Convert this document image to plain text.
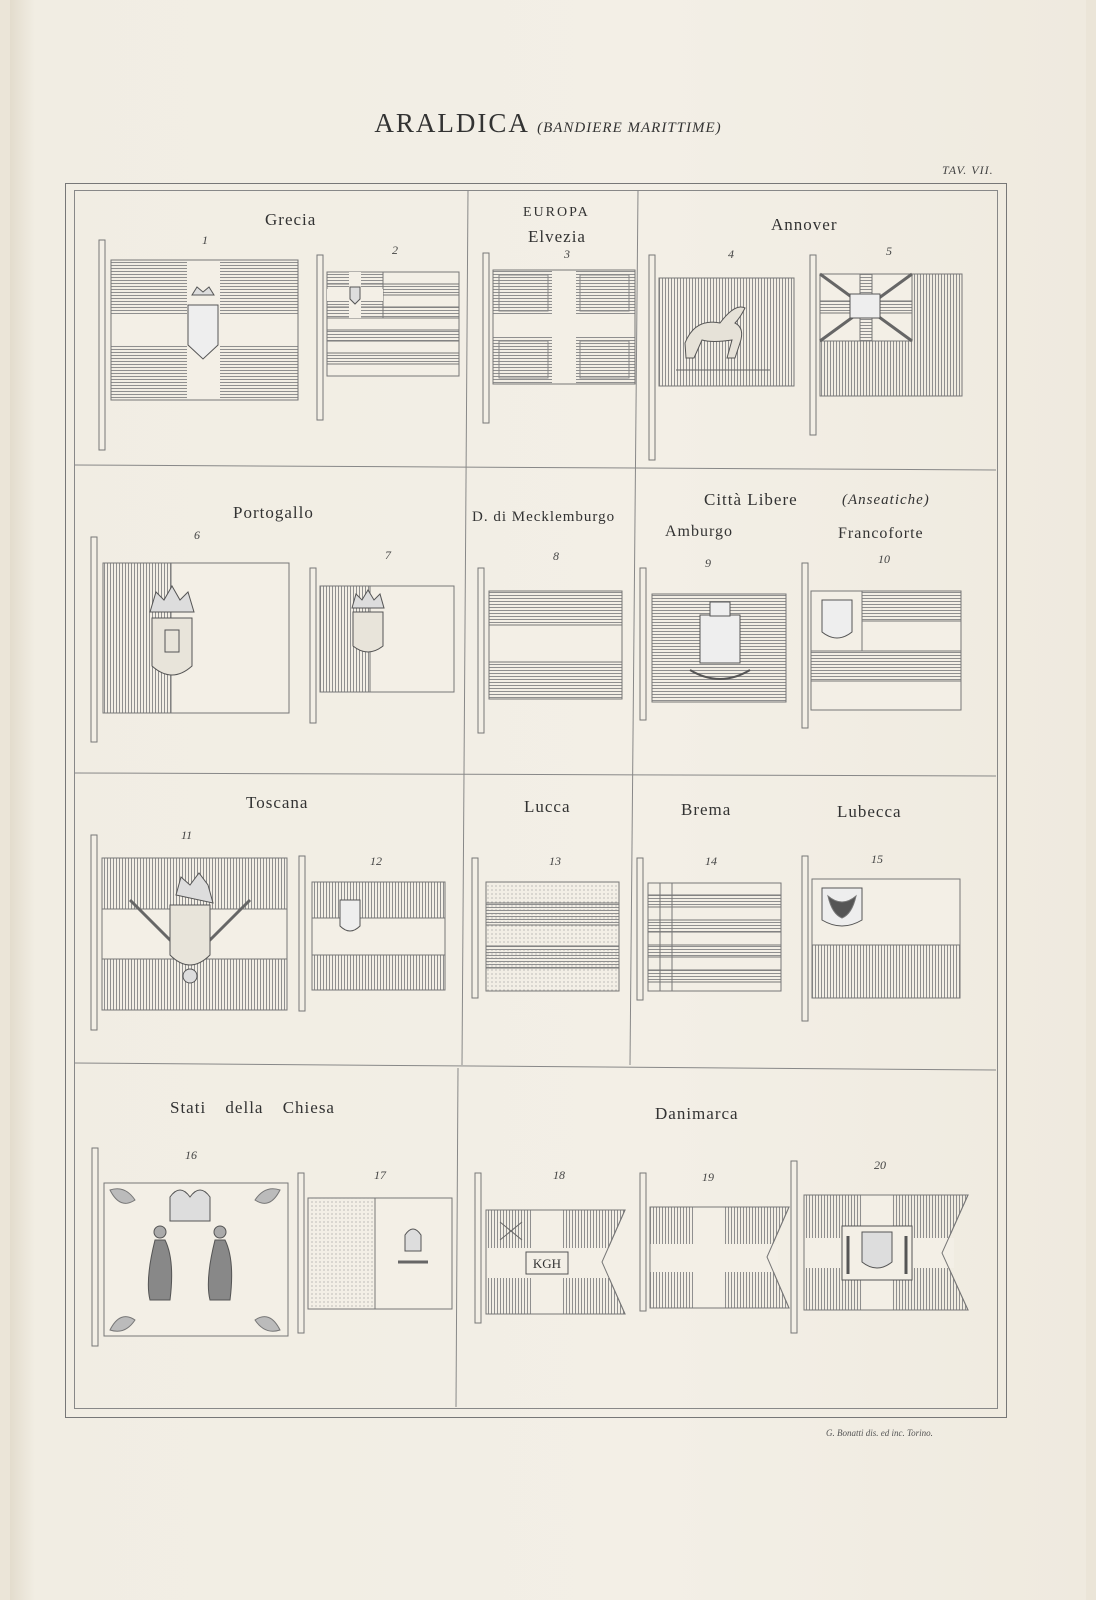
ARALDICA (BANDIERE MARITTIME)
TAV. VII.
KGH
Grecia	EUROPA
Elvezia
Annover
Portogallo	D. di Mecklemburgo
Città Libere	(Anseatiche)
Amburgo	Francoforte
Toscana	Lucca	Brema	Lubecca
Stati della Chiesa	Danimarca
1
2	3	4	5
6
7	8	9	10
11
12	13	14	15
16
17	18	19
20
G. Bonatti dis. ed inc. Torino.
